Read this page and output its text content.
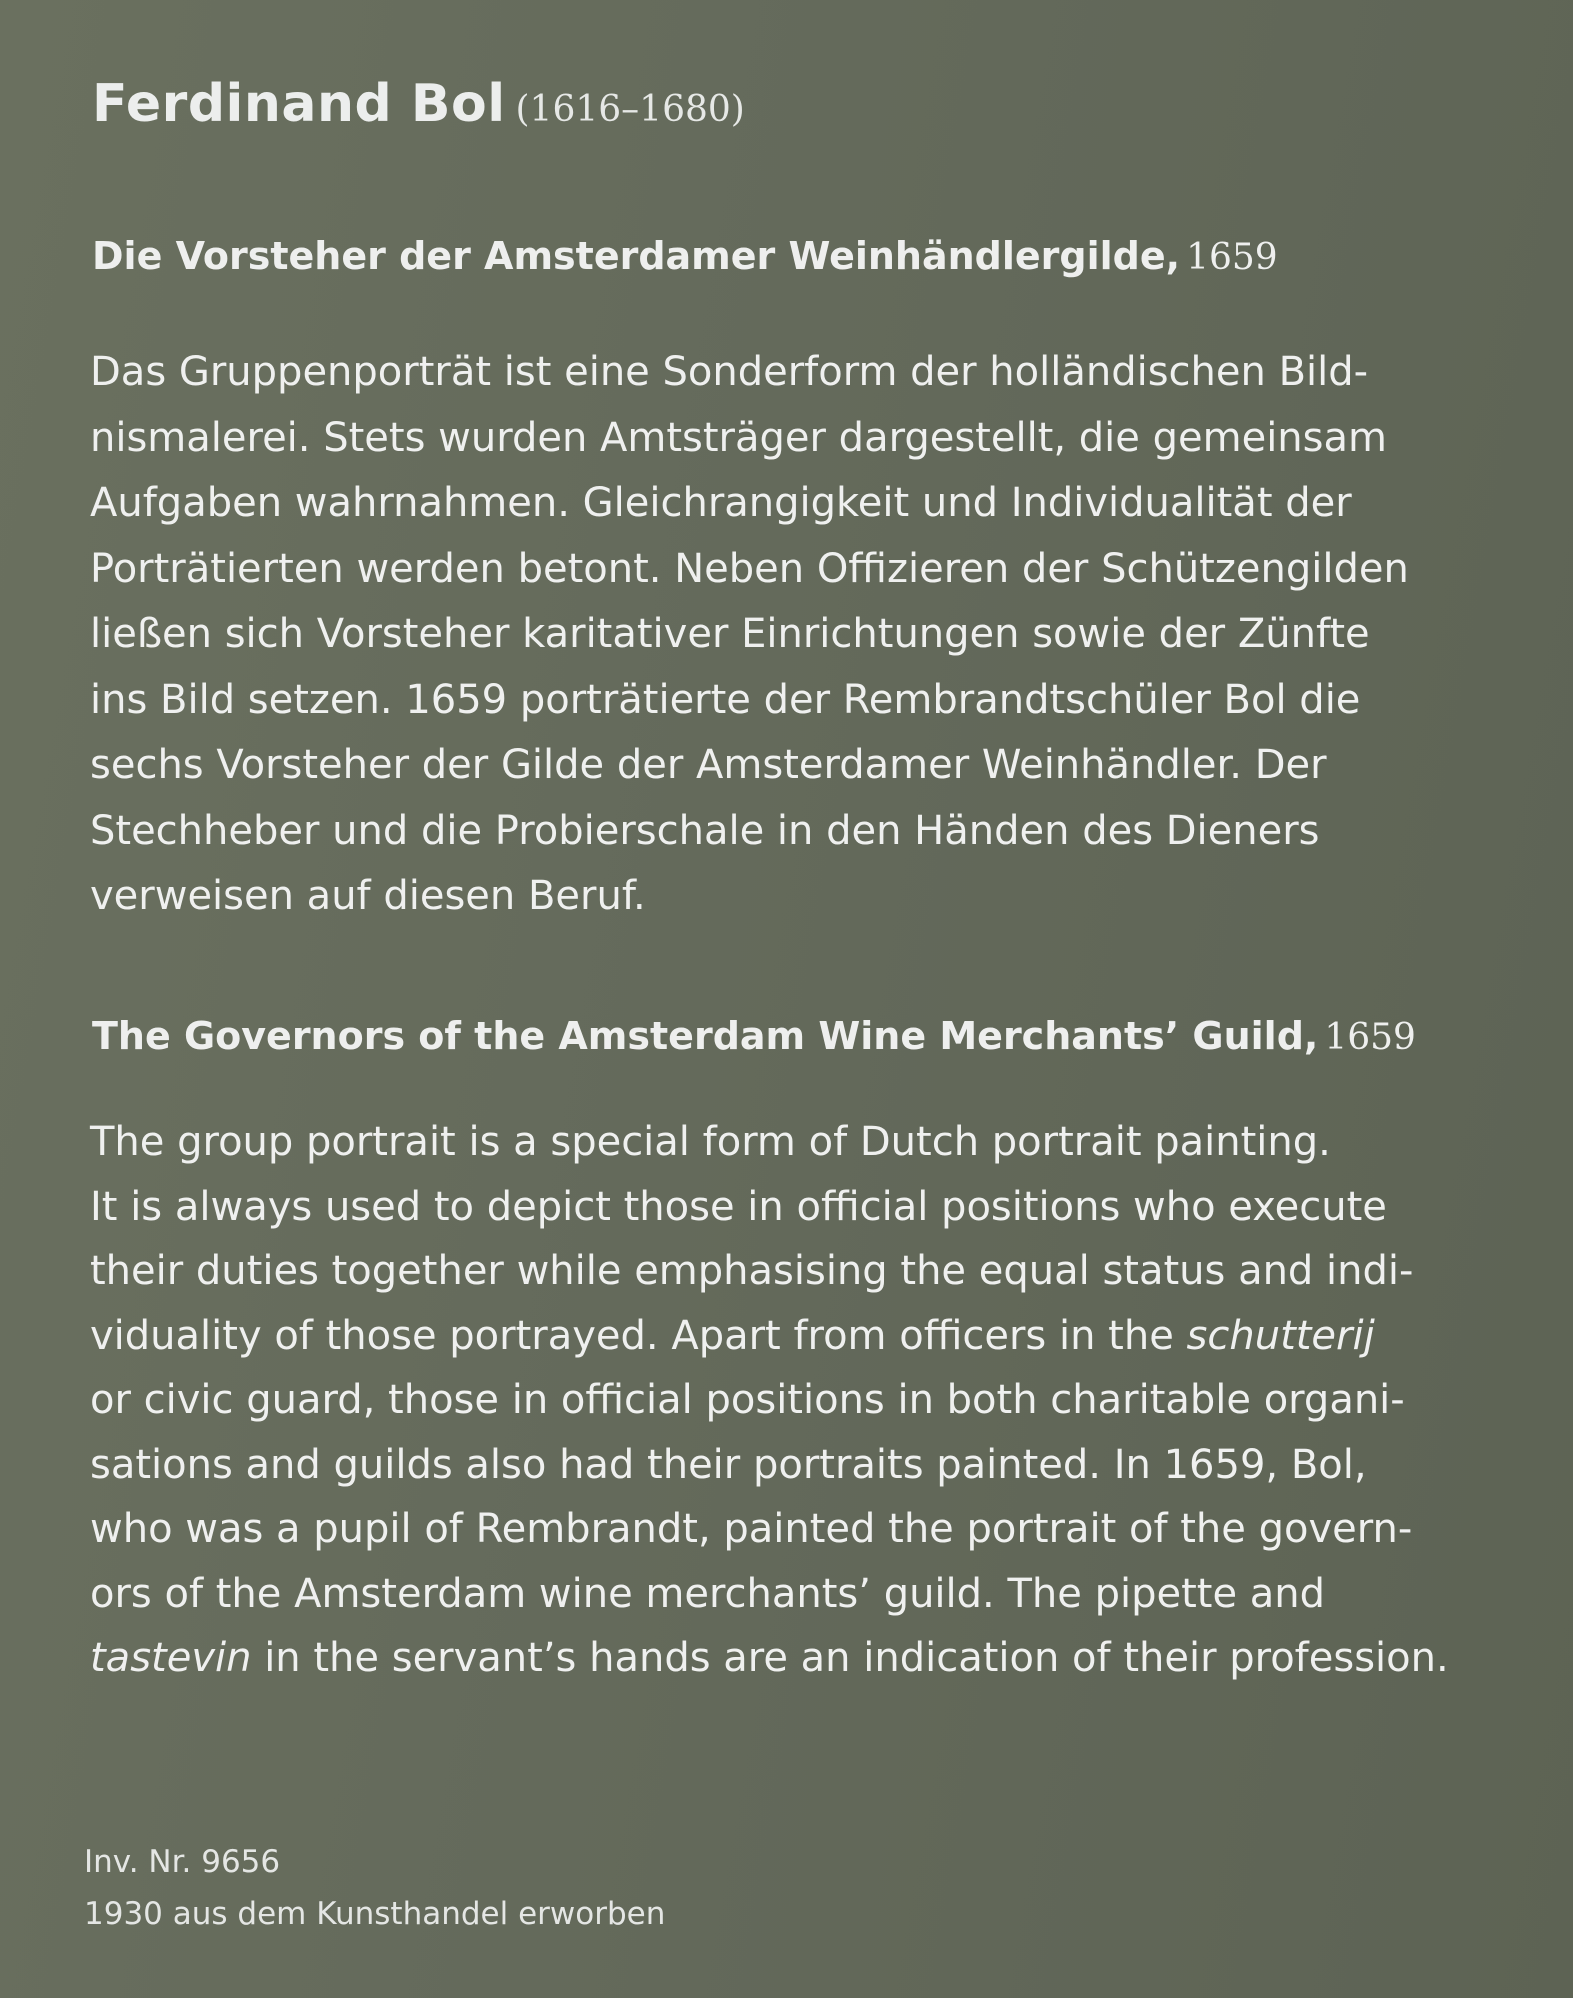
Ferdinand Bol (1616–1680)
Die Vorsteher der Amsterdamer Weinhändlergilde, 1659
Das Gruppenporträt ist eine Sonderform der holländischen Bild-
nismalerei. Stets wurden Amtsträger dargestellt, die gemeinsam
Aufgaben wahrnahmen. Gleichrangigkeit und Individualität der
Porträtierten werden betont. Neben Offizieren der Schützengilden
ließen sich Vorsteher karitativer Einrichtungen sowie der Zünfte
ins Bild setzen. 1659 porträtierte der Rembrandtschüler Bol die
sechs Vorsteher der Gilde der Amsterdamer Weinhändler. Der
Stechheber und die Probierschale in den Händen des Dieners
verweisen auf diesen Beruf.
The Governors of the Amsterdam Wine Merchants’ Guild, 1659
The group portrait is a special form of Dutch portrait painting.
It is always used to depict those in official positions who execute
their duties together while emphasising the equal status and indi-
viduality of those portrayed. Apart from officers in the schutterij
or civic guard, those in official positions in both charitable organi-
sations and guilds also had their portraits painted. In 1659, Bol,
who was a pupil of Rembrandt, painted the portrait of the govern-
ors of the Amsterdam wine merchants’ guild. The pipette and
tastevin in the servant’s hands are an indication of their profession.
Inv. Nr. 9656
1930 aus dem Kunsthandel erworben
